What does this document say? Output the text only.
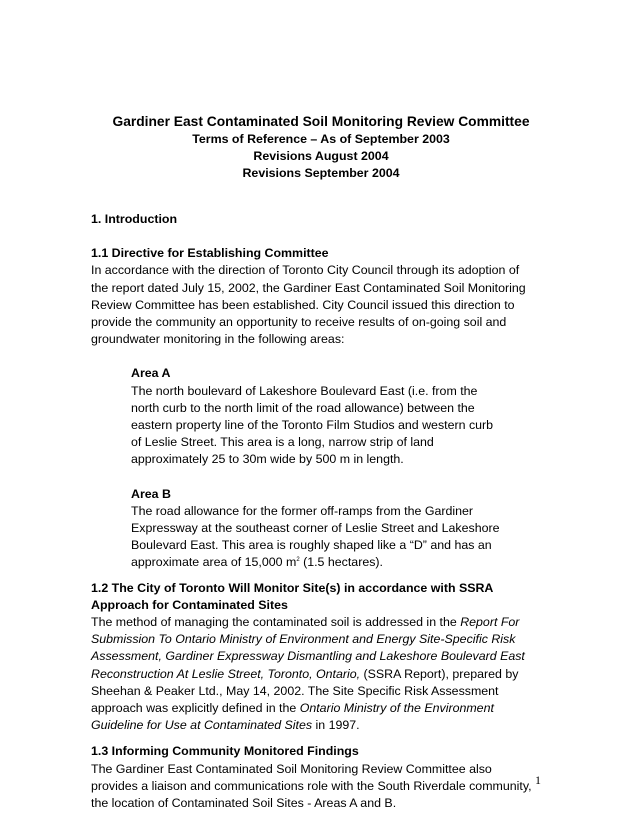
Gardiner East Contaminated Soil Monitoring Review Committee
Terms of Reference – As of September 2003
Revisions August 2004
Revisions September 2004
1. Introduction
1.1 Directive for Establishing Committee
In accordance with the direction of Toronto City Council through its adoption of
the report dated July 15, 2002, the Gardiner East Contaminated Soil Monitoring
Review Committee has been established. City Council issued this direction to
provide the community an opportunity to receive results of on-going soil and
groundwater monitoring in the following areas:
Area A
The north boulevard of Lakeshore Boulevard East (i.e. from the
north curb to the north limit of the road allowance) between the
eastern property line of the Toronto Film Studios and western curb
of Leslie Street. This area is a long, narrow strip of land
approximately 25 to 30m wide by 500 m in length.
Area B
The road allowance for the former off-ramps from the Gardiner
Expressway at the southeast corner of Leslie Street and Lakeshore
Boulevard East. This area is roughly shaped like a “D” and has an
approximate area of 15,000 $m^2$ (1.5 hectares).
1.2 The City of Toronto Will Monitor Site(s) in accordance with SSRA
Approach for Contaminated Sites
The method of managing the contaminated soil is addressed in the Report For
Submission To Ontario Ministry of Environment and Energy Site-Specific Risk
Assessment, Gardiner Expressway Dismantling and Lakeshore Boulevard East
Reconstruction At Leslie Street, Toronto, Ontario, (SSRA Report), prepared by
Sheehan & Peaker Ltd., May 14, 2002. The Site Specific Risk Assessment
approach was explicitly defined in the Ontario Ministry of the Environment
Guideline for Use at Contaminated Sites in 1997.
1.3 Informing Community Monitored Findings
The Gardiner East Contaminated Soil Monitoring Review Committee also
provides a liaison and communications role with the South Riverdale community,
the location of Contaminated Soil Sites - Areas A and B.
1
